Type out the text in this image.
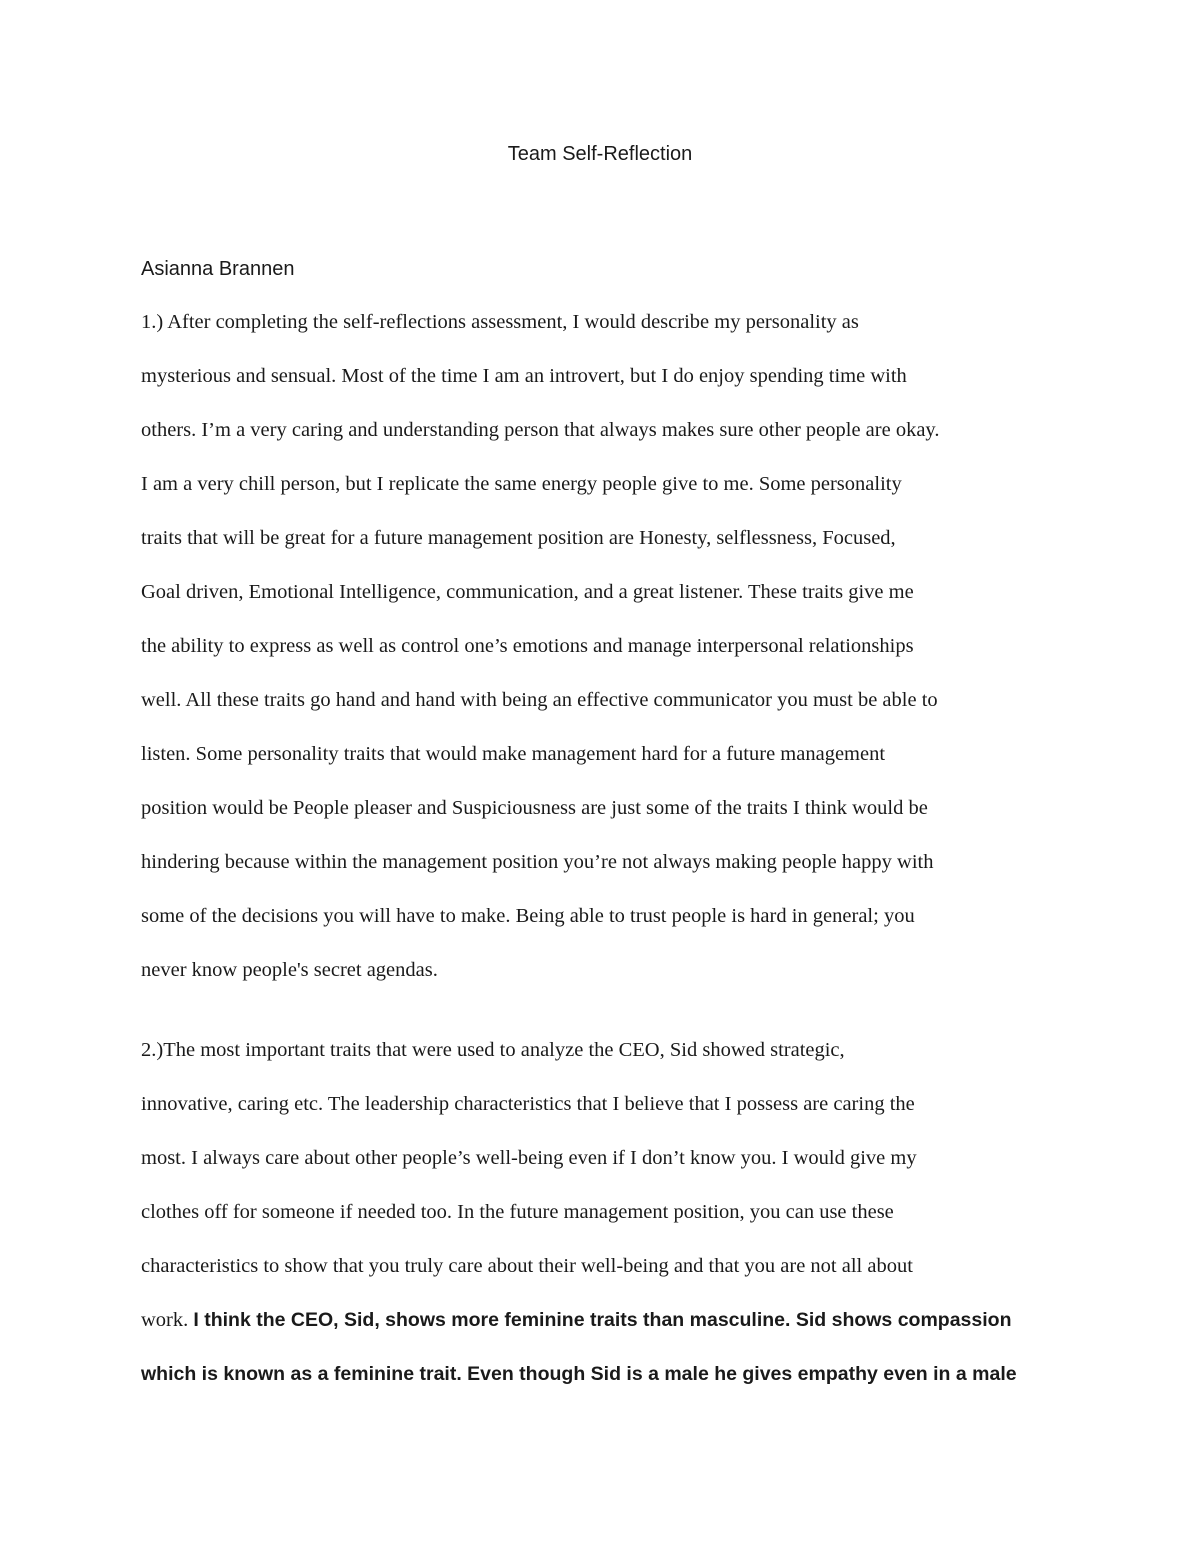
Team Self-Reflection

Asianna Brannen

1.) After completing the self-reflections assessment, I would describe my personality as
mysterious and sensual. Most of the time I am an introvert, but I do enjoy spending time with
others. I’m a very caring and understanding person that always makes sure other people are okay.
I am a very chill person, but I replicate the same energy people give to me. Some personality
traits that will be great for a future management position are Honesty, selflessness, Focused,
Goal driven, Emotional Intelligence, communication, and a great listener. These traits give me
the ability to express as well as control one’s emotions and manage interpersonal relationships
well. All these traits go hand and hand with being an effective communicator you must be able to
listen. Some personality traits that would make management hard for a future management
position would be People pleaser and Suspiciousness are just some of the traits I think would be
hindering because within the management position you’re not always making people happy with
some of the decisions you will have to make. Being able to trust people is hard in general; you
never know people's secret agendas.

2.)The most important traits that were used to analyze the CEO, Sid showed strategic,
innovative, caring etc. The leadership characteristics that I believe that I possess are caring the
most. I always care about other people’s well-being even if I don’t know you. I would give my
clothes off for someone if needed too. In the future management position, you can use these
characteristics to show that you truly care about their well-being and that you are not all about
work. I think the CEO, Sid, shows more feminine traits than masculine. Sid shows compassion
which is known as a feminine trait. Even though Sid is a male he gives empathy even in a male
